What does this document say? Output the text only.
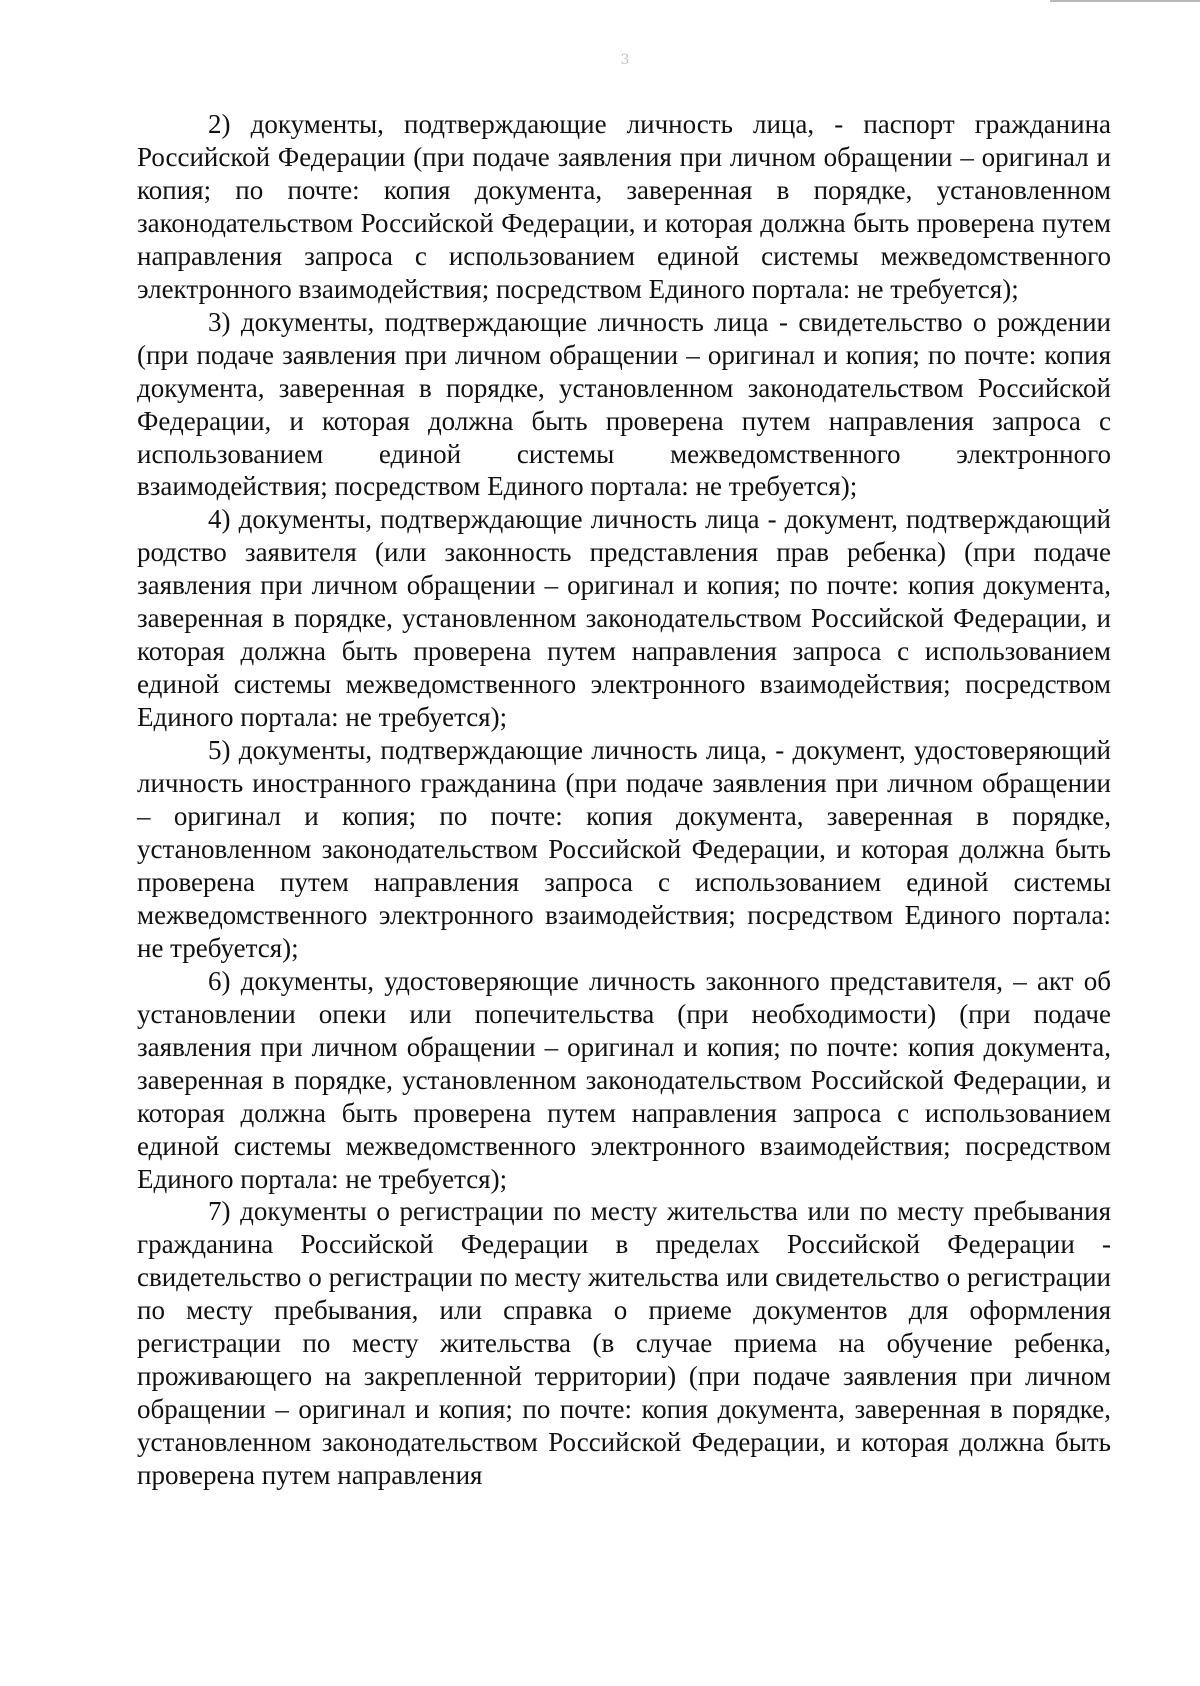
3

2) документы, подтверждающие личность лица, - паспорт гражданина Российской Федерации (при подаче заявления при личном обращении – оригинал и копия; по почте: копия документа, заверенная в порядке, установленном законодательством Российской Федерации, и которая должна быть проверена путем направления запроса с использованием единой системы межведомственного электронного взаимодействия; посредством Единого портала: не требуется);

3) документы, подтверждающие личность лица - свидетельство о рождении (при подаче заявления при личном обращении – оригинал и копия; по почте: копия документа, заверенная в порядке, установленном законодательством Российской Федерации, и которая должна быть проверена путем направления запроса с использованием единой системы межведомственного электронного взаимодействия; посредством Единого портала: не требуется);

4) документы, подтверждающие личность лица - документ, подтверждающий родство заявителя (или законность представления прав ребенка) (при подаче заявления при личном обращении – оригинал и копия; по почте: копия документа, заверенная в порядке, установленном законодательством Российской Федерации, и которая должна быть проверена путем направления запроса с использованием единой системы межведомственного электронного взаимодействия; посредством Единого портала: не требуется);

5) документы, подтверждающие личность лица, - документ, удостоверяющий личность иностранного гражданина (при подаче заявления при личном обращении – оригинал и копия; по почте: копия документа, заверенная в порядке, установленном законодательством Российской Федерации, и которая должна быть проверена путем направления запроса с использованием единой системы межведомственного электронного взаимодействия; посредством Единого портала: не требуется);

6) документы, удостоверяющие личность законного представителя, – акт об установлении опеки или попечительства (при необходимости) (при подаче заявления при личном обращении – оригинал и копия; по почте: копия документа, заверенная в порядке, установленном законодательством Российской Федерации, и которая должна быть проверена путем направления запроса с использованием единой системы межведомственного электронного взаимодействия; посредством Единого портала: не требуется);

7) документы о регистрации по месту жительства или по месту пребывания гражданина Российской Федерации в пределах Российской Федерации - свидетельство о регистрации по месту жительства или свидетельство о регистрации по месту пребывания, или справка о приеме документов для оформления регистрации по месту жительства (в случае приема на обучение ребенка, проживающего на закрепленной территории) (при подаче заявления при личном обращении – оригинал и копия; по почте: копия документа, заверенная в порядке, установленном законодательством Российской Федерации, и которая должна быть проверена путем направления
